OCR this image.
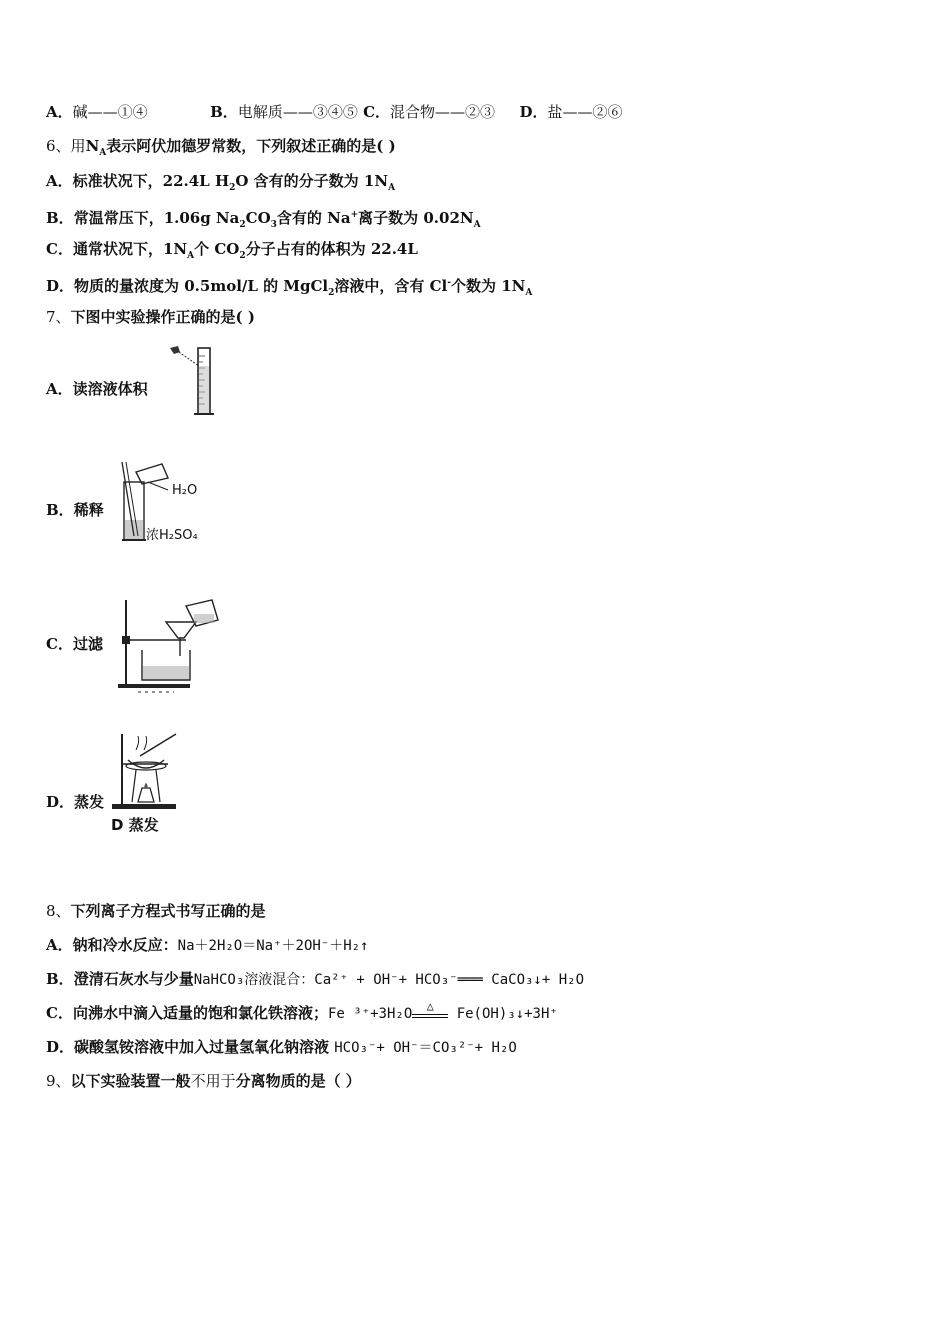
A．碱——①④	B．电解质——③④⑤ C．混合物——②③ D．盐——②⑥
6、用$N_A$表示阿伏加德罗常数，下列叙述正确的是( )
A．标准状况下，22.4L $H_2O$ 含有的分子数为 $1N_A$
B．常温常压下，1.06g $Na_2CO_3$含有的 Na+离子数为 $0.02N_A$
C．通常状况下，$1N_A$个 $CO_2$分子占有的体积为 22.4L
D．物质的量浓度为 0.5mol/L 的 MgCl$_2$溶液中，含有 Cl-个数为 $1N_A$
7、下图中实验操作正确的是( )
A．读溶液体积
B．稀释
H₂O
浓H₂SO₄
C．过滤
D．蒸发
D 蒸发
8、下列离子方程式书写正确的是
A．钠和冷水反应：Na＋2H₂O＝Na⁺＋2OH⁻＋H₂↑
B．澄清石灰水与少量NaHCO₃溶液混合：Ca²⁺ + OH⁻+ HCO₃⁻═══ CaCO₃↓+ H₂O
C．向沸水中滴入适量的饱和氯化铁溶液；Fe ³⁺+3H₂O	△	Fe(OH)₃↓+3H⁺
D．碳酸氢铵溶液中加入过量氢氧化钠溶液 HCO₃⁻+ OH⁻＝CO₃²⁻+ H₂O
9、以下实验装置一般不用于分离物质的是（ ）
